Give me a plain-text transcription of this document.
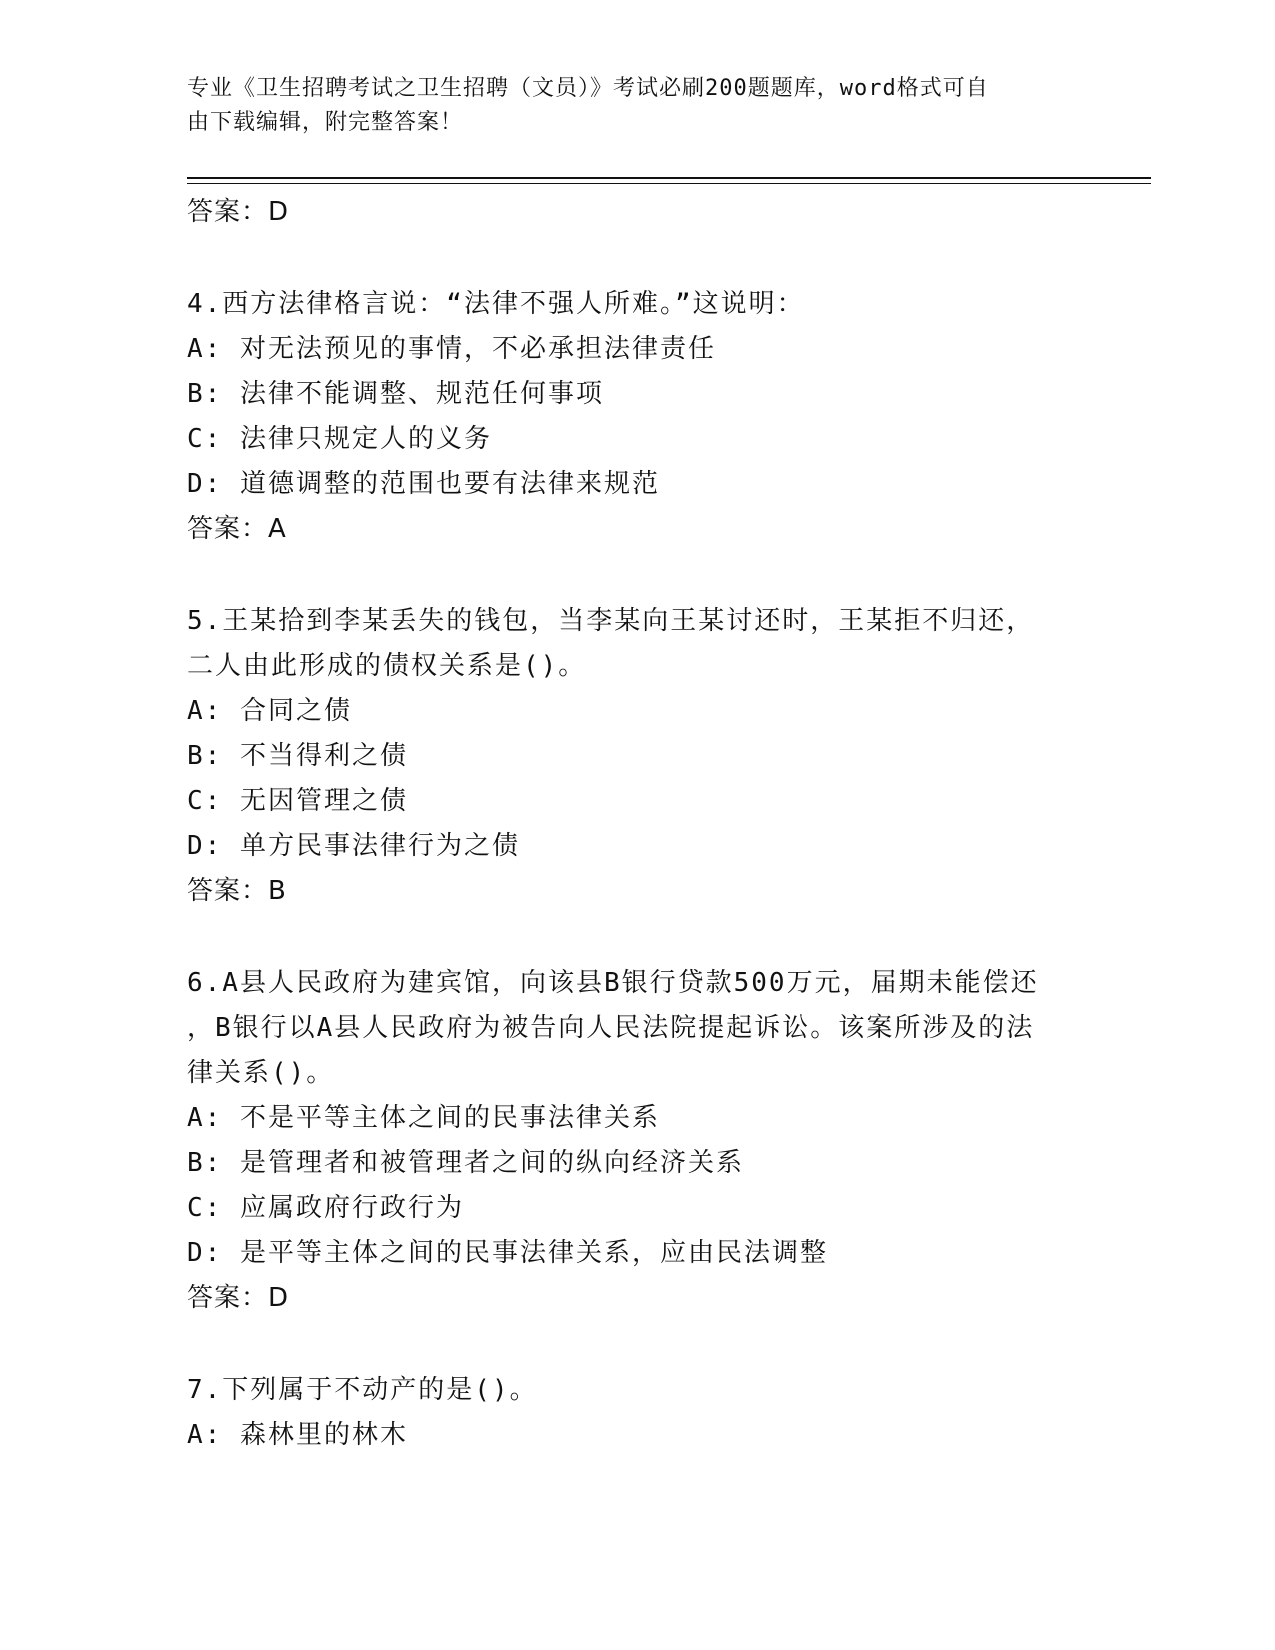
专业《卫生招聘考试之卫生招聘（文员）》考试必刷200题题库，word格式可自
由下载编辑，附完整答案！
答案：D
4.西方法律格言说：“法律不强人所难。”这说明：
A: 对无法预见的事情，不必承担法律责任
B: 法律不能调整、规范任何事项
C: 法律只规定人的义务
D: 道德调整的范围也要有法律来规范
答案：A
5.王某拾到李某丢失的钱包，当李某向王某讨还时，王某拒不归还，
二人由此形成的债权关系是()。
A: 合同之债
B: 不当得利之债
C: 无因管理之债
D: 单方民事法律行为之债
答案：B
6.A县人民政府为建宾馆，向该县B银行贷款500万元，届期未能偿还
，B银行以A县人民政府为被告向人民法院提起诉讼。该案所涉及的法
律关系()。
A: 不是平等主体之间的民事法律关系
B: 是管理者和被管理者之间的纵向经济关系
C: 应属政府行政行为
D: 是平等主体之间的民事法律关系，应由民法调整
答案：D
7.下列属于不动产的是()。
A: 森林里的林木
